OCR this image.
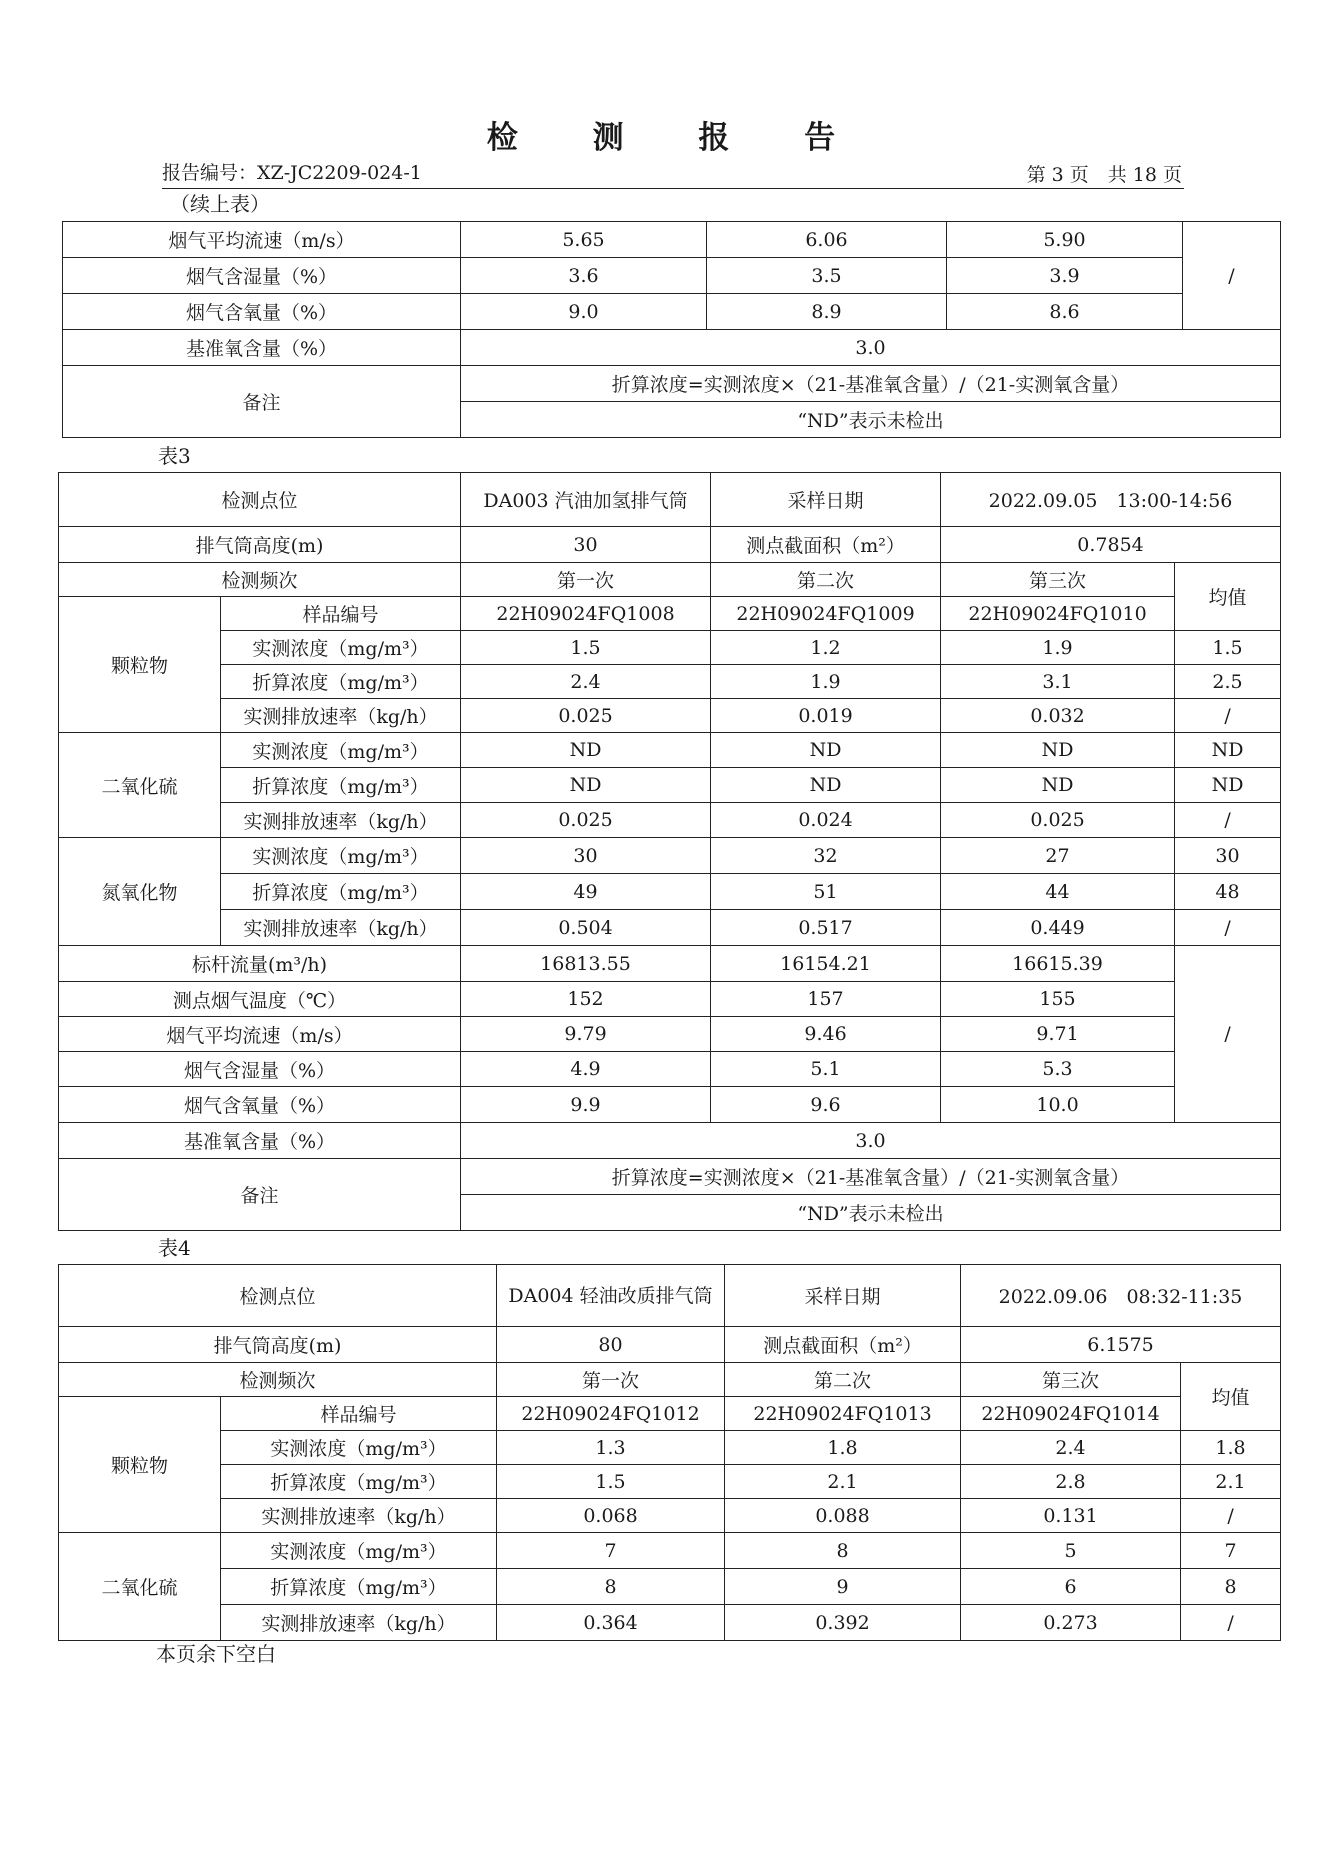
检 测 报 告
报告编号：XZ-JC2209-024-1	第 3 页　共 18 页
（续上表）
烟气平均流速（m/s）	5.65	6.06	5.90	/
烟气含湿量（%）	3.6	3.5	3.9	
烟气含氧量（%）	9.0	8.9	8.6	
基准氧含量（%）	3.0			
备注	折算浓度=实测浓度×（21-基准氧含量）/（21-实测氧含量）			
	“ND”表示未检出			
表3
检测点位		DA003 汽油加氢排气筒	采样日期	2022.09.05　13:00-14:56	
排气筒高度(m)		30	测点截面积（m²）	0.7854	
检测频次		第一次	第二次	第三次	均值
颗粒物	样品编号	22H09024FQ1008	22H09024FQ1009	22H09024FQ1010	
	实测浓度（mg/m³）	1.5	1.2	1.9	1.5
	折算浓度（mg/m³）	2.4	1.9	3.1	2.5
	实测排放速率（kg/h）	0.025	0.019	0.032	/
二氧化硫	实测浓度（mg/m³）	ND	ND	ND	ND
	折算浓度（mg/m³）	ND	ND	ND	ND
	实测排放速率（kg/h）	0.025	0.024	0.025	/
氮氧化物	实测浓度（mg/m³）	30	32	27	30
	折算浓度（mg/m³）	49	51	44	48
	实测排放速率（kg/h）	0.504	0.517	0.449	/
标杆流量(m³/h)		16813.55	16154.21	16615.39	/
测点烟气温度（℃）		152	157	155	
烟气平均流速（m/s）		9.79	9.46	9.71	
烟气含湿量（%）		4.9	5.1	5.3	
烟气含氧量（%）		9.9	9.6	10.0	
基准氧含量（%）		3.0			
备注		折算浓度=实测浓度×（21-基准氧含量）/（21-实测氧含量）			
		“ND”表示未检出			
表4
检测点位		DA004 轻油改质排气筒	采样日期	2022.09.06　08:32-11:35	
排气筒高度(m)		80	测点截面积（m²）	6.1575	
检测频次		第一次	第二次	第三次	均值
颗粒物	样品编号	22H09024FQ1012	22H09024FQ1013	22H09024FQ1014	
	实测浓度（mg/m³）	1.3	1.8	2.4	1.8
	折算浓度（mg/m³）	1.5	2.1	2.8	2.1
	实测排放速率（kg/h）	0.068	0.088	0.131	/
二氧化硫	实测浓度（mg/m³）	7	8	5	7
	折算浓度（mg/m³）	8	9	6	8
	实测排放速率（kg/h）	0.364	0.392	0.273	/
本页余下空白
